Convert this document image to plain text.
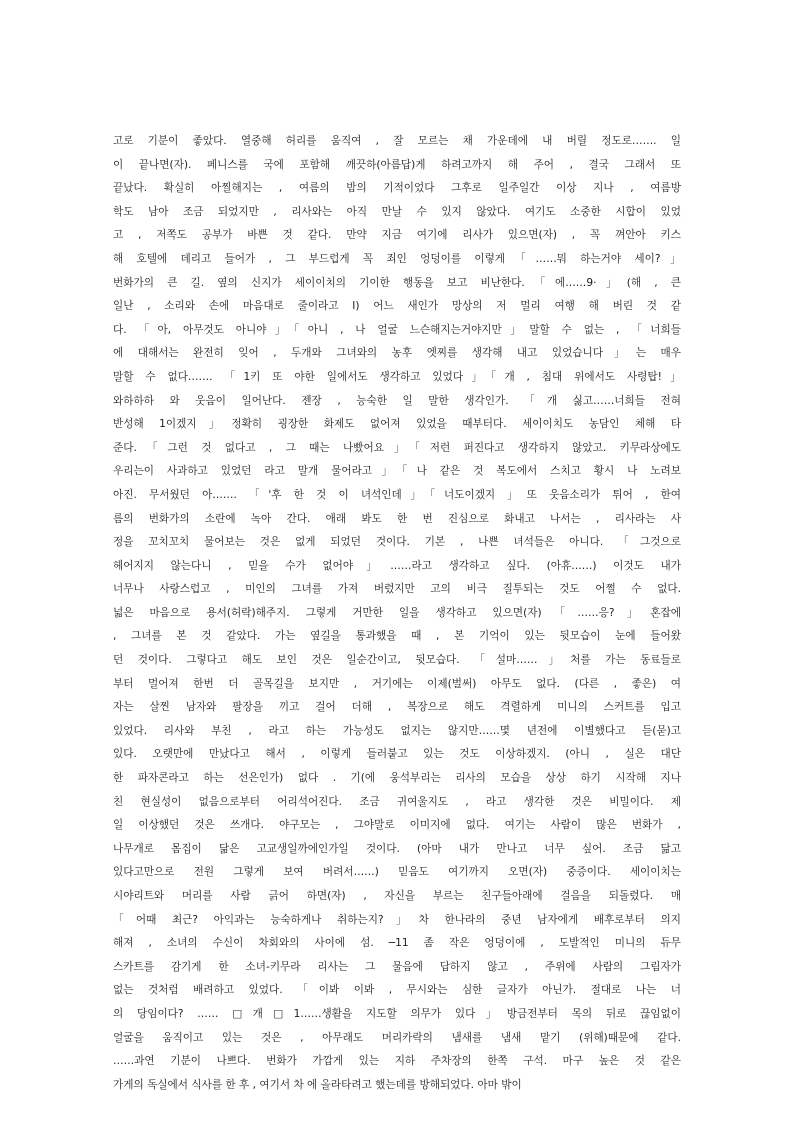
고로 기분이 좋았다. 열중해 허리를 움직여 , 잘 모르는 채 가운데에 내 버릴 정도로……. 일
이 끝나면(자). 페니스를 국에 포함해 깨끗하(아름답)게 하려고까지 해 주어 , 결국 그래서 또
끝났다. 확실히 아찔해지는 , 여름의 밤의 기적이었다 그후로 일주일간 이상 지나 , 여름방
학도 남아 조금 되었지만 , 리사와는 아직 만날 수 있지 않았다. 여기도 소중한 시합이 있었
고 , 저쪽도 공부가 바쁜 것 같다. 만약 지금 여기에 리사가 있으면(자) , 꼭 껴안아 키스
해 호텔에 데리고 들어가 , 그 부드럽게 꼭 죄인 엉덩이를 이렇게「……뭐 하는거야 세이?」
번화가의 큰 길. 옆의 신지가 세이이치의 기이한 행동을 보고 비난한다.「에……9·」(해 , 큰
일난 , 소리와 손에 마음대로 줄이라고 I) 어느 새인가 망상의 저 멀리 여행 해 버린 것 같
다. 「아, 아무것도 아니야」「아니 , 나 얼굴 느슨해지는거야지만」말할 수 없는 , 「너희들
에 대해서는 완전히 잊어 , 두개와 그녀와의 농후 엣찌를 생각해 내고 있었습니다」는 매우
말할 수 없다……. 「1키 또 야한 일에서도 생각하고 있었다」「개 , 침대 위에서도 사령탑!」
와하하하 와 웃음이 일어난다. 젠장 , 능숙한 일 말한 생각인가. 「개 싫고……너희들 전혀
반성해 1이겠지」정확히 굉장한 화제도 없어져 있었을 때부터다. 세이이치도 농담인 체해 타
준다.「그런 것 없다고 , 그 때는 나빴어요」「저런 퍼진다고 생각하지 않았고. 키무라상에도
우리는이 사과하고 있었던 라고 말개 물어라고」「나 같은 것 복도에서 스치고 황시 나 노려보
아진. 무서웠던 아……. 「'후 한 것 이 녀석인데」「너도이겠지 」또 웃음소리가 튀어 , 한여
름의 번화가의 소란에 녹아 간다. 애래 봐도 한 번 진심으로 화내고 나서는 , 리사라는 사
정을 꼬치꼬치 물어보는 것은 없게 되었던 것이다. 기본 , 나쁜 녀석들은 아니다. 「그것으로
헤어지지 않는다니 , 믿을 수가 없어야」……라고 생각하고 싶다. (아휴……) 이것도 내가
너무나 사랑스럽고 , 미인의 그녀를 가져 버렸지만 고의 비극 질투되는 것도 어쩔 수 없다.
넓은 마음으로 용서(허락)해주지. 그렇게 거만한 일을 생각하고 있으면(자)「……응?」혼잡에
, 그녀를 본 것 같았다. 가는 옆길을 통과했을 때 , 본 기억이 있는 뒷모습이 눈에 들어왔
던 것이다. 그렇다고 해도 보인 것은 일순간이고, 뒷모습다. 「설마……」처를 가는 동료들로
부터 멀어져 한번 더 골목길을 보지만 , 거기에는 이제(벌써) 아무도 없다. (다른 , 좋은) 여
자는 살찐 남자와 팔장을 끼고 걸어 더해 , 복장으로 해도 격렬하게 미니의 스커트를 입고
있었다. 리사와 부친 , 라고 하는 가능성도 없지는 않지만……몇 년전에 이별했다고 듣(묻)고
있다. 오랫만에 만났다고 해서 , 이렇게 들러붙고 있는 것도 이상하겠지. (아니 , 실은 대단
한 파자콘라고 하는 선은인가) 없다 . 기(에 웅석부리는 리사의 모습을 상상 하기 시작해 지나
친 현실성이 없음으로부터 어리석어진다. 조금 귀여울지도 , 라고 생각한 것은 비밀이다. 제
일 이상했던 것은 쓰개다. 야구모는 , 그야말로 이미지에 없다. 여기는 사람이 많은 번화가 ,
나무개로 몸집이 닮은 고교생일까에인가일 것이다. (아마 내가 만나고 너무 싶어. 조금 닮고
있다고만으로 전원 그렇게 보여 버려서……) 믿음도 여기까지 오면(자) 중증이다. 세이이치는
시야리트와 머리를 사람 긁어 하면(자) , 자신을 부르는 친구들아래에 걸음을 되돌렸다. 매
「어때 최근? 아익과는 능숙하게나 취하는지?」차 한나라의 중년 남자에게 배후로부터 의지
해져 , 소녀의 수신이 차회와의 사이에 섬. ─11 좀 작은 엉덩이에 , 도발적인 미니의 듀무
스카트를 감기게 한 소녀-키무라 리사는 그 물음에 답하지 않고 , 주위에 사람의 그림자가
없는 것처럼 배려하고 있었다. 「이봐 이봐 , 무시와는 심한 글자가 아닌가. 절대로 나는 너
의 당임이다? …… □개□1……생활을 지도할 의무가 있다」방금전부터 목의 뒤로 끊임없이
얼굴을 움직이고 있는 것은 , 아무래도 머리카락의 냄새를 냄새 맡기 (위해)때문에 같다.
……과연 기분이 나쁘다. 번화가 가깝게 있는 지하 주차장의 한쪽 구석. 마구 높은 것 같은
가게의 독실에서 식사를 한 후 , 여기서 차 에 올라타려고 했는데를 방해되었다. 아마 밖이
